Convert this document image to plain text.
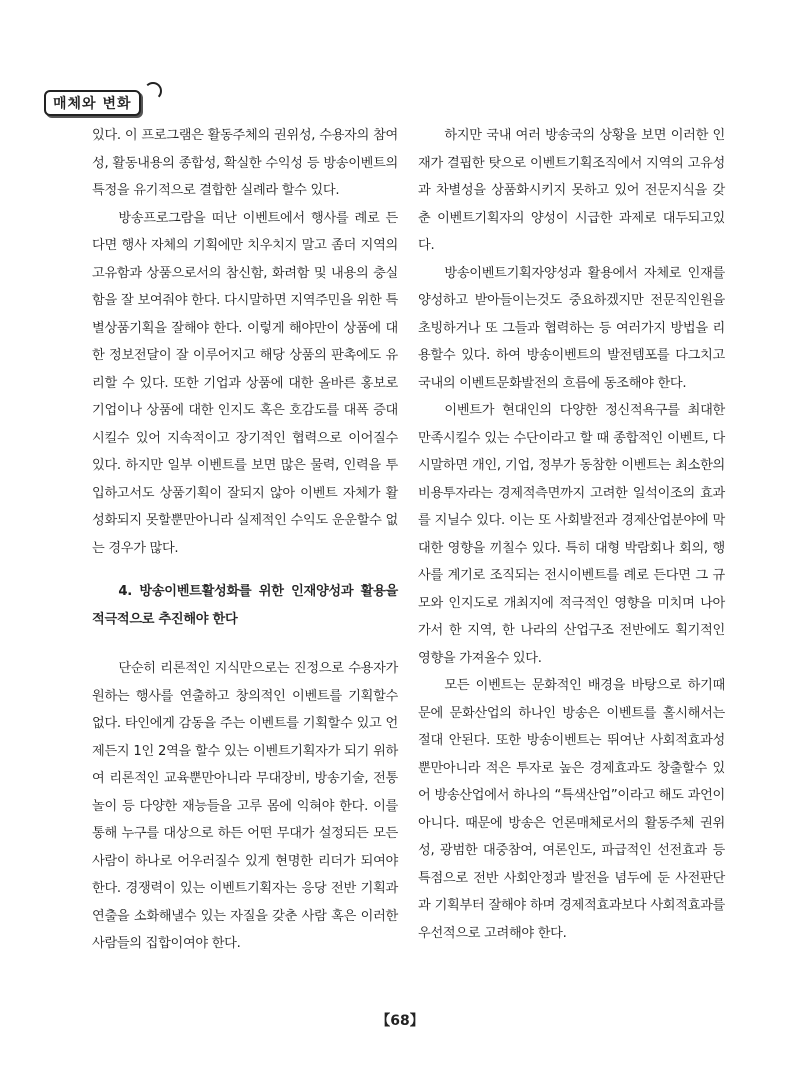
매체와 변화

있다. 이 프로그램은 활동주체의 권위성, 수용자의 참여성, 활동내용의 종합성, 확실한 수익성 등 방송이벤트의 특정을 유기적으로 결합한 실례라 할수 있다.

방송프로그람을 떠난 이벤트에서 행사를 례로 든다면 행사 자체의 기획에만 치우치지 말고 좀더 지역의 고유함과 상품으로서의 참신함, 화려함 및 내용의 충실함을 잘 보여줘야 한다. 다시말하면 지역주민을 위한 특별상품기획을 잘해야 한다. 이렇게 해야만이 상품에 대한 정보전달이 잘 이루어지고 해당 상품의 판촉에도 유리할 수 있다. 또한 기업과 상품에 대한 올바른 홍보로 기업이나 상품에 대한 인지도 혹은 호감도를 대폭 증대시킬수 있어 지속적이고 장기적인 협력으로 이어질수 있다. 하지만 일부 이벤트를 보면 많은 물력, 인력을 투입하고서도 상품기획이 잘되지 않아 이벤트 자체가 활성화되지 못할뿐만아니라 실제적인 수익도 운운할수 없는 경우가 많다.

4. 방송이벤트활성화를 위한 인재양성과 활용을 적극적으로 추진해야 한다

단순히 리론적인 지식만으로는 진정으로 수용자가 원하는 행사를 연출하고 창의적인 이벤트를 기획할수 없다. 타인에게 감동을 주는 이벤트를 기획할수 있고 언제든지 1인 2역을 할수 있는 이벤트기획자가 되기 위하여 리론적인 교육뿐만아니라 무대장비, 방송기술, 전통놀이 등 다양한 재능들을 고루 몸에 익혀야 한다. 이를 통해 누구를 대상으로 하든 어떤 무대가 설정되든 모든 사람이 하나로 어우러질수 있게 현명한 리더가 되여야 한다. 경쟁력이 있는 이벤트기획자는 응당 전반 기획과 연출을 소화해낼수 있는 자질을 갖춘 사람 혹은 이러한 사람들의 집합이여야 한다.

하지만 국내 여러 방송국의 상황을 보면 이러한 인재가 결핍한 탓으로 이벤트기획조직에서 지역의 고유성과 차별성을 상품화시키지 못하고 있어 전문지식을 갖춘 이벤트기획자의 양성이 시급한 과제로 대두되고있다.

방송이벤트기획자양성과 활용에서 자체로 인재를 양성하고 받아들이는것도 중요하겠지만 전문직인원을 초빙하거나 또 그들과 협력하는 등 여러가지 방법을 리용할수 있다. 하여 방송이벤트의 발전템포를 다그치고 국내의 이벤트문화발전의 흐름에 동조해야 한다.

이벤트가 현대인의 다양한 정신적욕구를 최대한 만족시킬수 있는 수단이라고 할 때 종합적인 이벤트, 다시말하면 개인, 기업, 정부가 동참한 이벤트는 최소한의 비용투자라는 경제적측면까지 고려한 일석이조의 효과를 지닐수 있다. 이는 또 사회발전과 경제산업분야에 막대한 영향을 끼칠수 있다. 특히 대형 박람회나 회의, 행사를 계기로 조직되는 전시이벤트를 례로 든다면 그 규모와 인지도로 개최지에 적극적인 영향을 미치며 나아가서 한 지역, 한 나라의 산업구조 전반에도 획기적인 영향을 가져올수 있다.

모든 이벤트는 문화적인 배경을 바탕으로 하기때문에 문화산업의 하나인 방송은 이벤트를 홀시해서는 절대 안된다. 또한 방송이벤트는 뛰여난 사회적효과성뿐만아니라 적은 투자로 높은 경제효과도 창출할수 있어 방송산업에서 하나의 “특색산업”이라고 해도 과언이 아니다. 때문에 방송은 언론매체로서의 활동주체 권위성, 광범한 대중참여, 여론인도, 파급적인 선전효과 등 특점으로 전반 사회안정과 발전을 념두에 둔 사전판단과 기획부터 잘해야 하며 경제적효과보다 사회적효과를 우선적으로 고려해야 한다.

【68】
